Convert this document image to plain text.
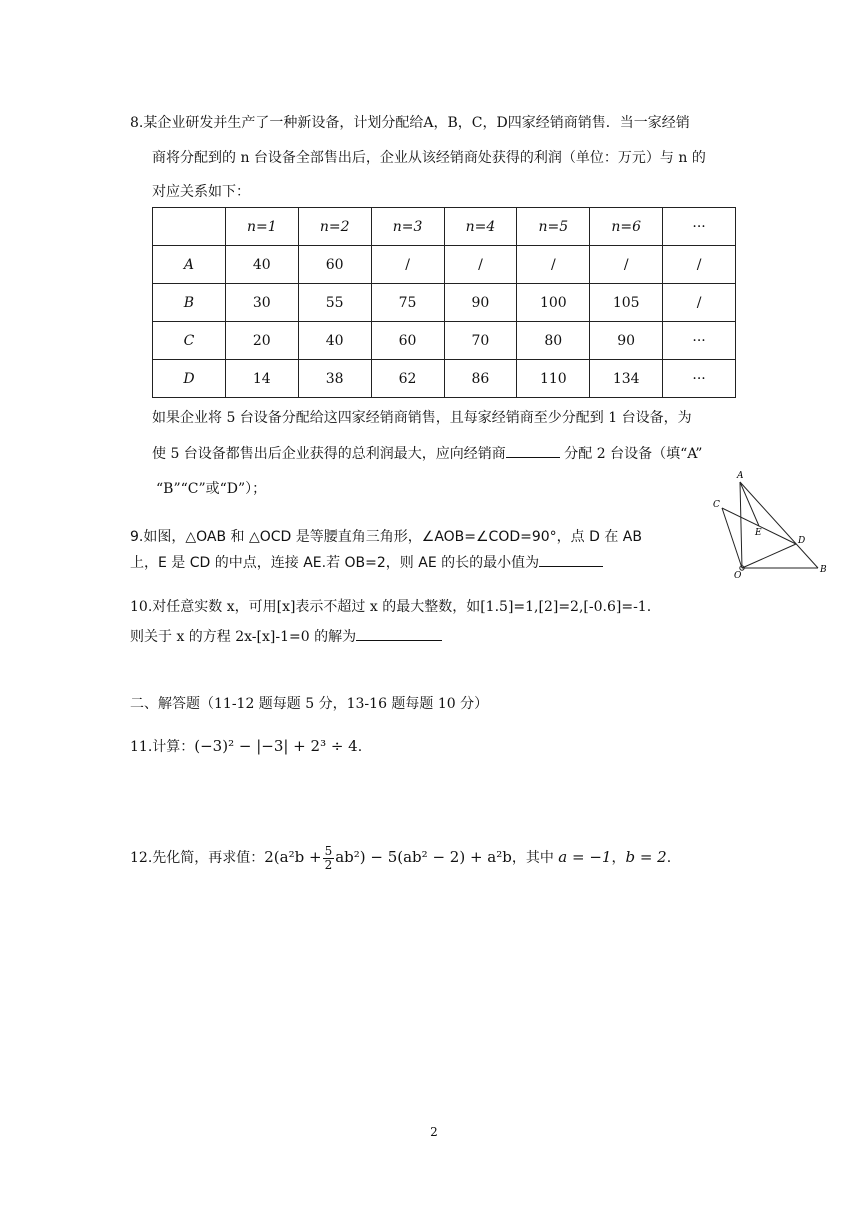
8.某企业研发并生产了一种新设备，计划分配给A，B，C，D四家经销商销售．当一家经销
商将分配到的 n 台设备全部售出后，企业从该经销商处获得的利润（单位：万元）与 n 的
对应关系如下：
	n=1	n=2	n=3	n=4	n=5	n=6	···
A	40	60	/	/	/	/	/
B	30	55	75	90	100	105	/
C	20	40	60	70	80	90	···
D	14	38	62	86	110	134	···
如果企业将 5 台设备分配给这四家经销商销售，且每家经销商至少分配到 1 台设备，为
使 5 台设备都售出后企业获得的总利润最大，应向经销商	分配 2 台设备（填“A”
“B”“C”或“D”）；
9.如图，△OAB 和 △OCD 是等腰直角三角形，∠AOB=∠COD=90°，点 D 在 AB
上，E 是 CD 的中点，连接 AE.若 OB=2，则 AE 的长的最小值为
A
B
C
D
E
O
10.对任意实数 x，可用[x]表示不超过 x 的最大整数，如[1.5]=1,[2]=2,[-0.6]=-1.
则关于 x 的方程 2x-[x]-1=0 的解为
二、解答题（11-12 题每题 5 分，13-16 题每题 10 分）
11.计算：(−3)² − |−3| + 2³ ÷ 4.
12.先化简，再求值：$2(a^2b + \frac{5}{2} ab^2) - 5(ab^2 - 2) + a^2b$，其中 a = −1，b = 2.
2
